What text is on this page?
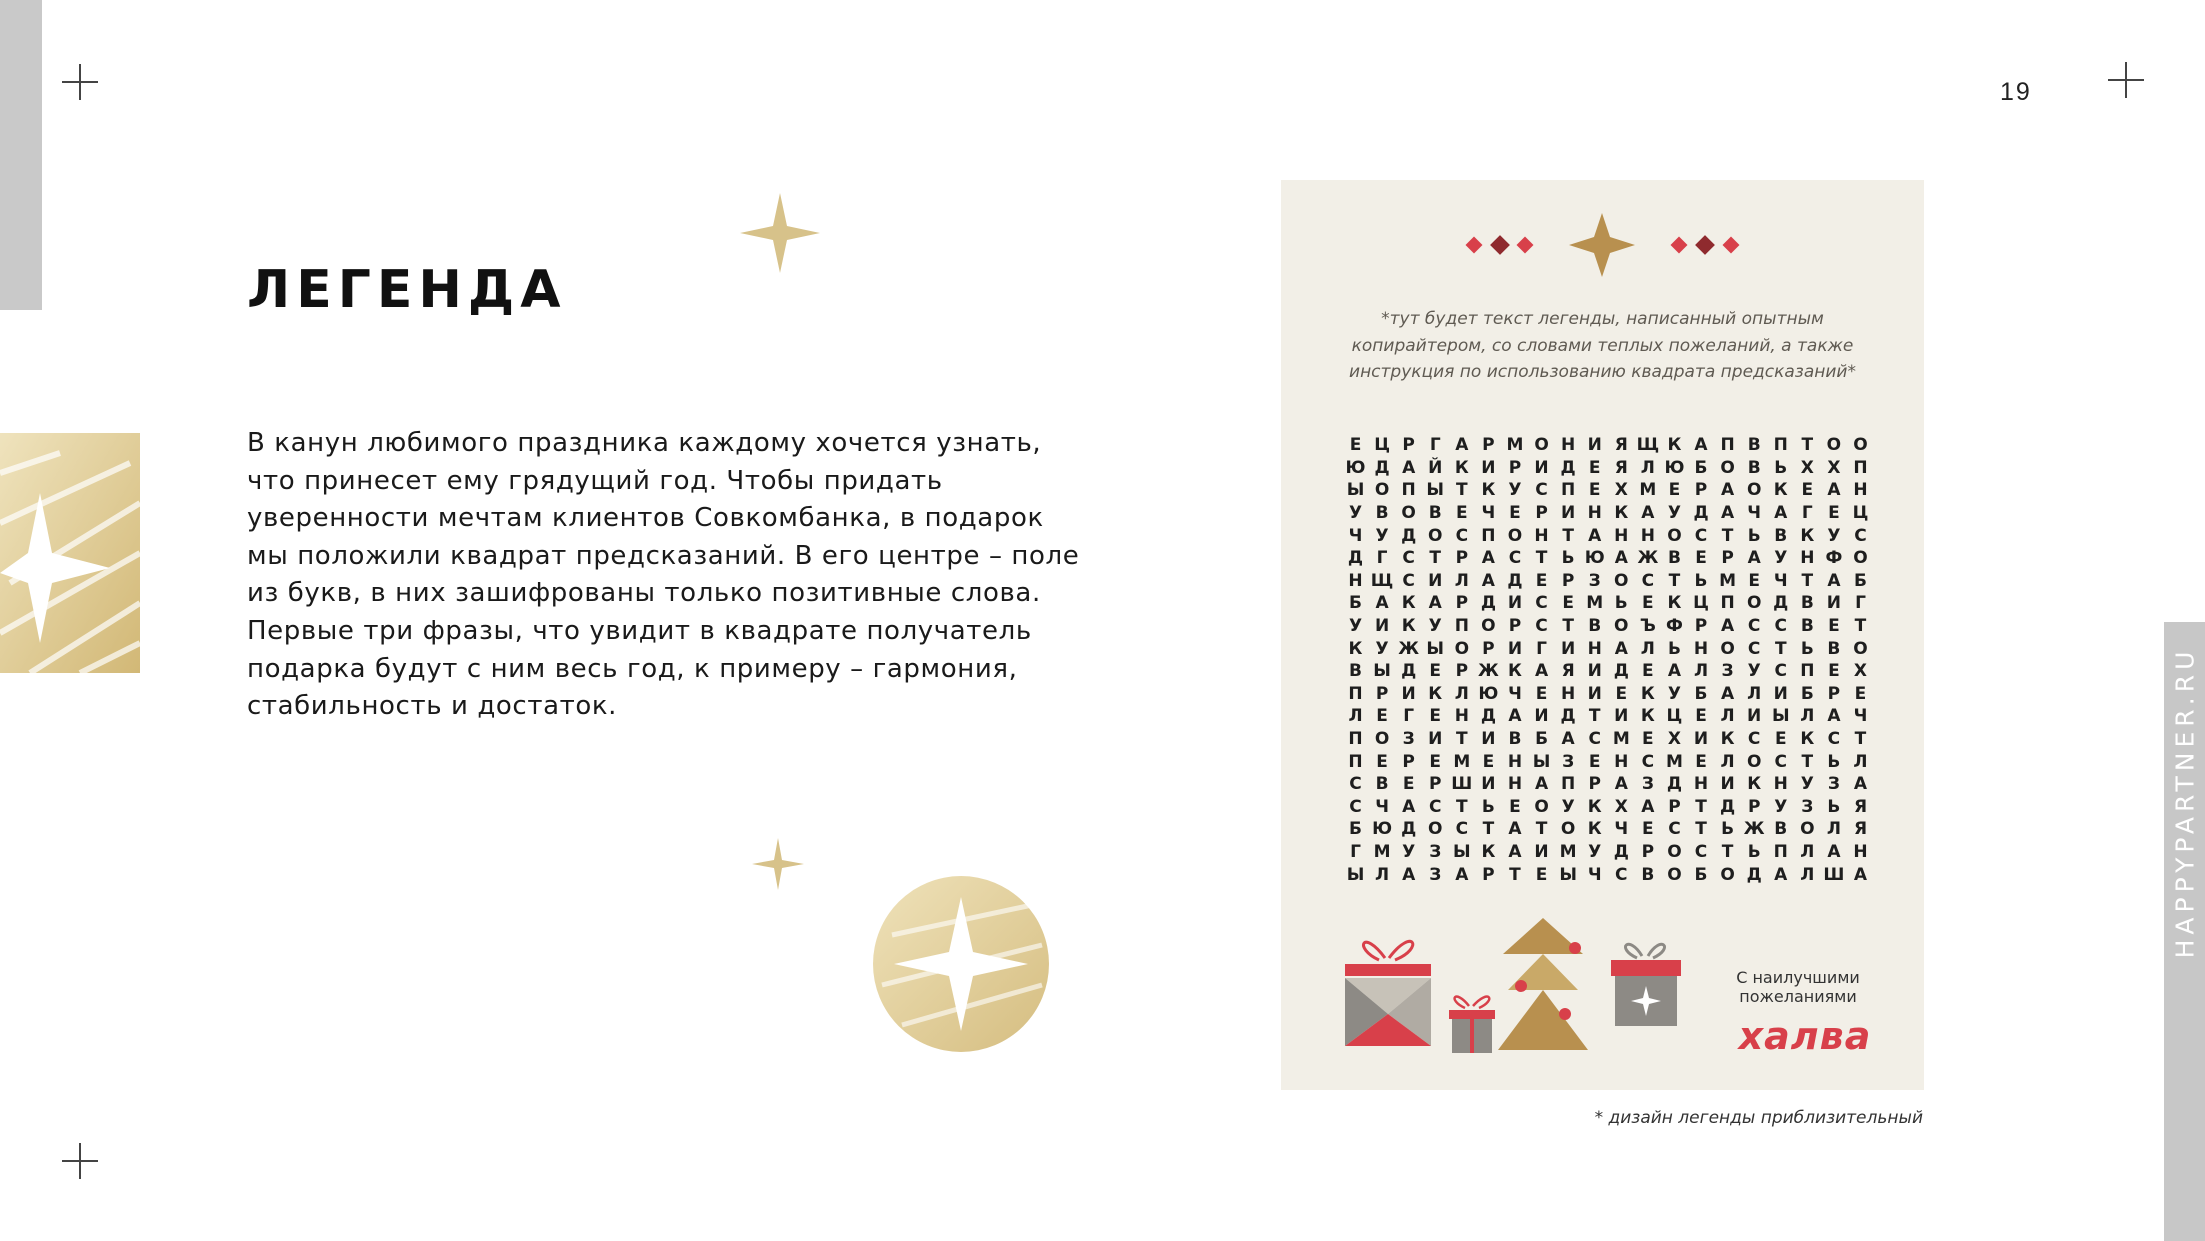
HAPPYPARTNER.RU
19
ЛЕГЕНДА

В канун любимого праздника каждому хочется узнать, что принесет ему грядущий год. Чтобы придать уверенности мечтам клиентов Совкомбанка, в подарок мы положили квадрат предсказаний. В его центре – поле из букв, в них зашифрованы только позитивные слова. Первые три фразы, что увидит в квадрате получатель подарка будут с ним весь год, к примеру – гармония, стабильность и достаток.

*тут будет текст легенды, написанный опытным копирайтером, со словами теплых пожеланий, а также инструкция по использованию квадрата предсказаний*

Е Ц Р Г А Р М О Н И Я Щ К А П В П Т О О
Ю Д А Й К И Р И Д Е Я Л Ю Б О В Ь Х Х П
Ы О П Ы Т К У С П Е Х М Е Р А О К Е А Н
У В О В Е Ч Е Р И Н К А У Д А Ч А Г Е Ц
Ч У Д О С П О Н Т А Н Н О С Т Ь В К У С
Д Г С Т Р А С Т Ь Ю А Ж В Е Р А У Н Ф О
Н Щ С И Л А Д Е Р З О С Т Ь М Е Ч Т А Б
Б А К А Р Д И С Е М Ь Е К Ц П О Д В И Г
У И К У П О Р С Т В О Ъ Ф Р А С С В Е Т
К У Ж Ы О Р И Г И Н А Л Ь Н О С Т Ь В О
В Ы Д Е Р Ж К А Я И Д Е А Л З У С П Е Х
П Р И К Л Ю Ч Е Н И Е К У Б А Л И Б Р Е
Л Е Г Е Н Д А И Д Т И К Ц Е Л И Ы Л А Ч
П О З И Т И В Б А С М Е Х И К С Е К С Т
П Е Р Е М Е Н Ы З Е Н С М Е Л О С Т Ь Л
С В Е Р Ш И Н А П Р А З Д Н И К Н У З А
С Ч А С Т Ь Е О У К Х А Р Т Д Р У З Ь Я
Б Ю Д О С Т А Т О К Ч Е С Т Ь Ж В О Л Я
Г М У З Ы К А И М У Д Р О С Т Ь П Л А Н
Ы Л А З А Р Т Е Ы Ч С В О Б О Д А Л Ш А
С наилучшими пожеланиями
халва
* дизайн легенды приблизительный
